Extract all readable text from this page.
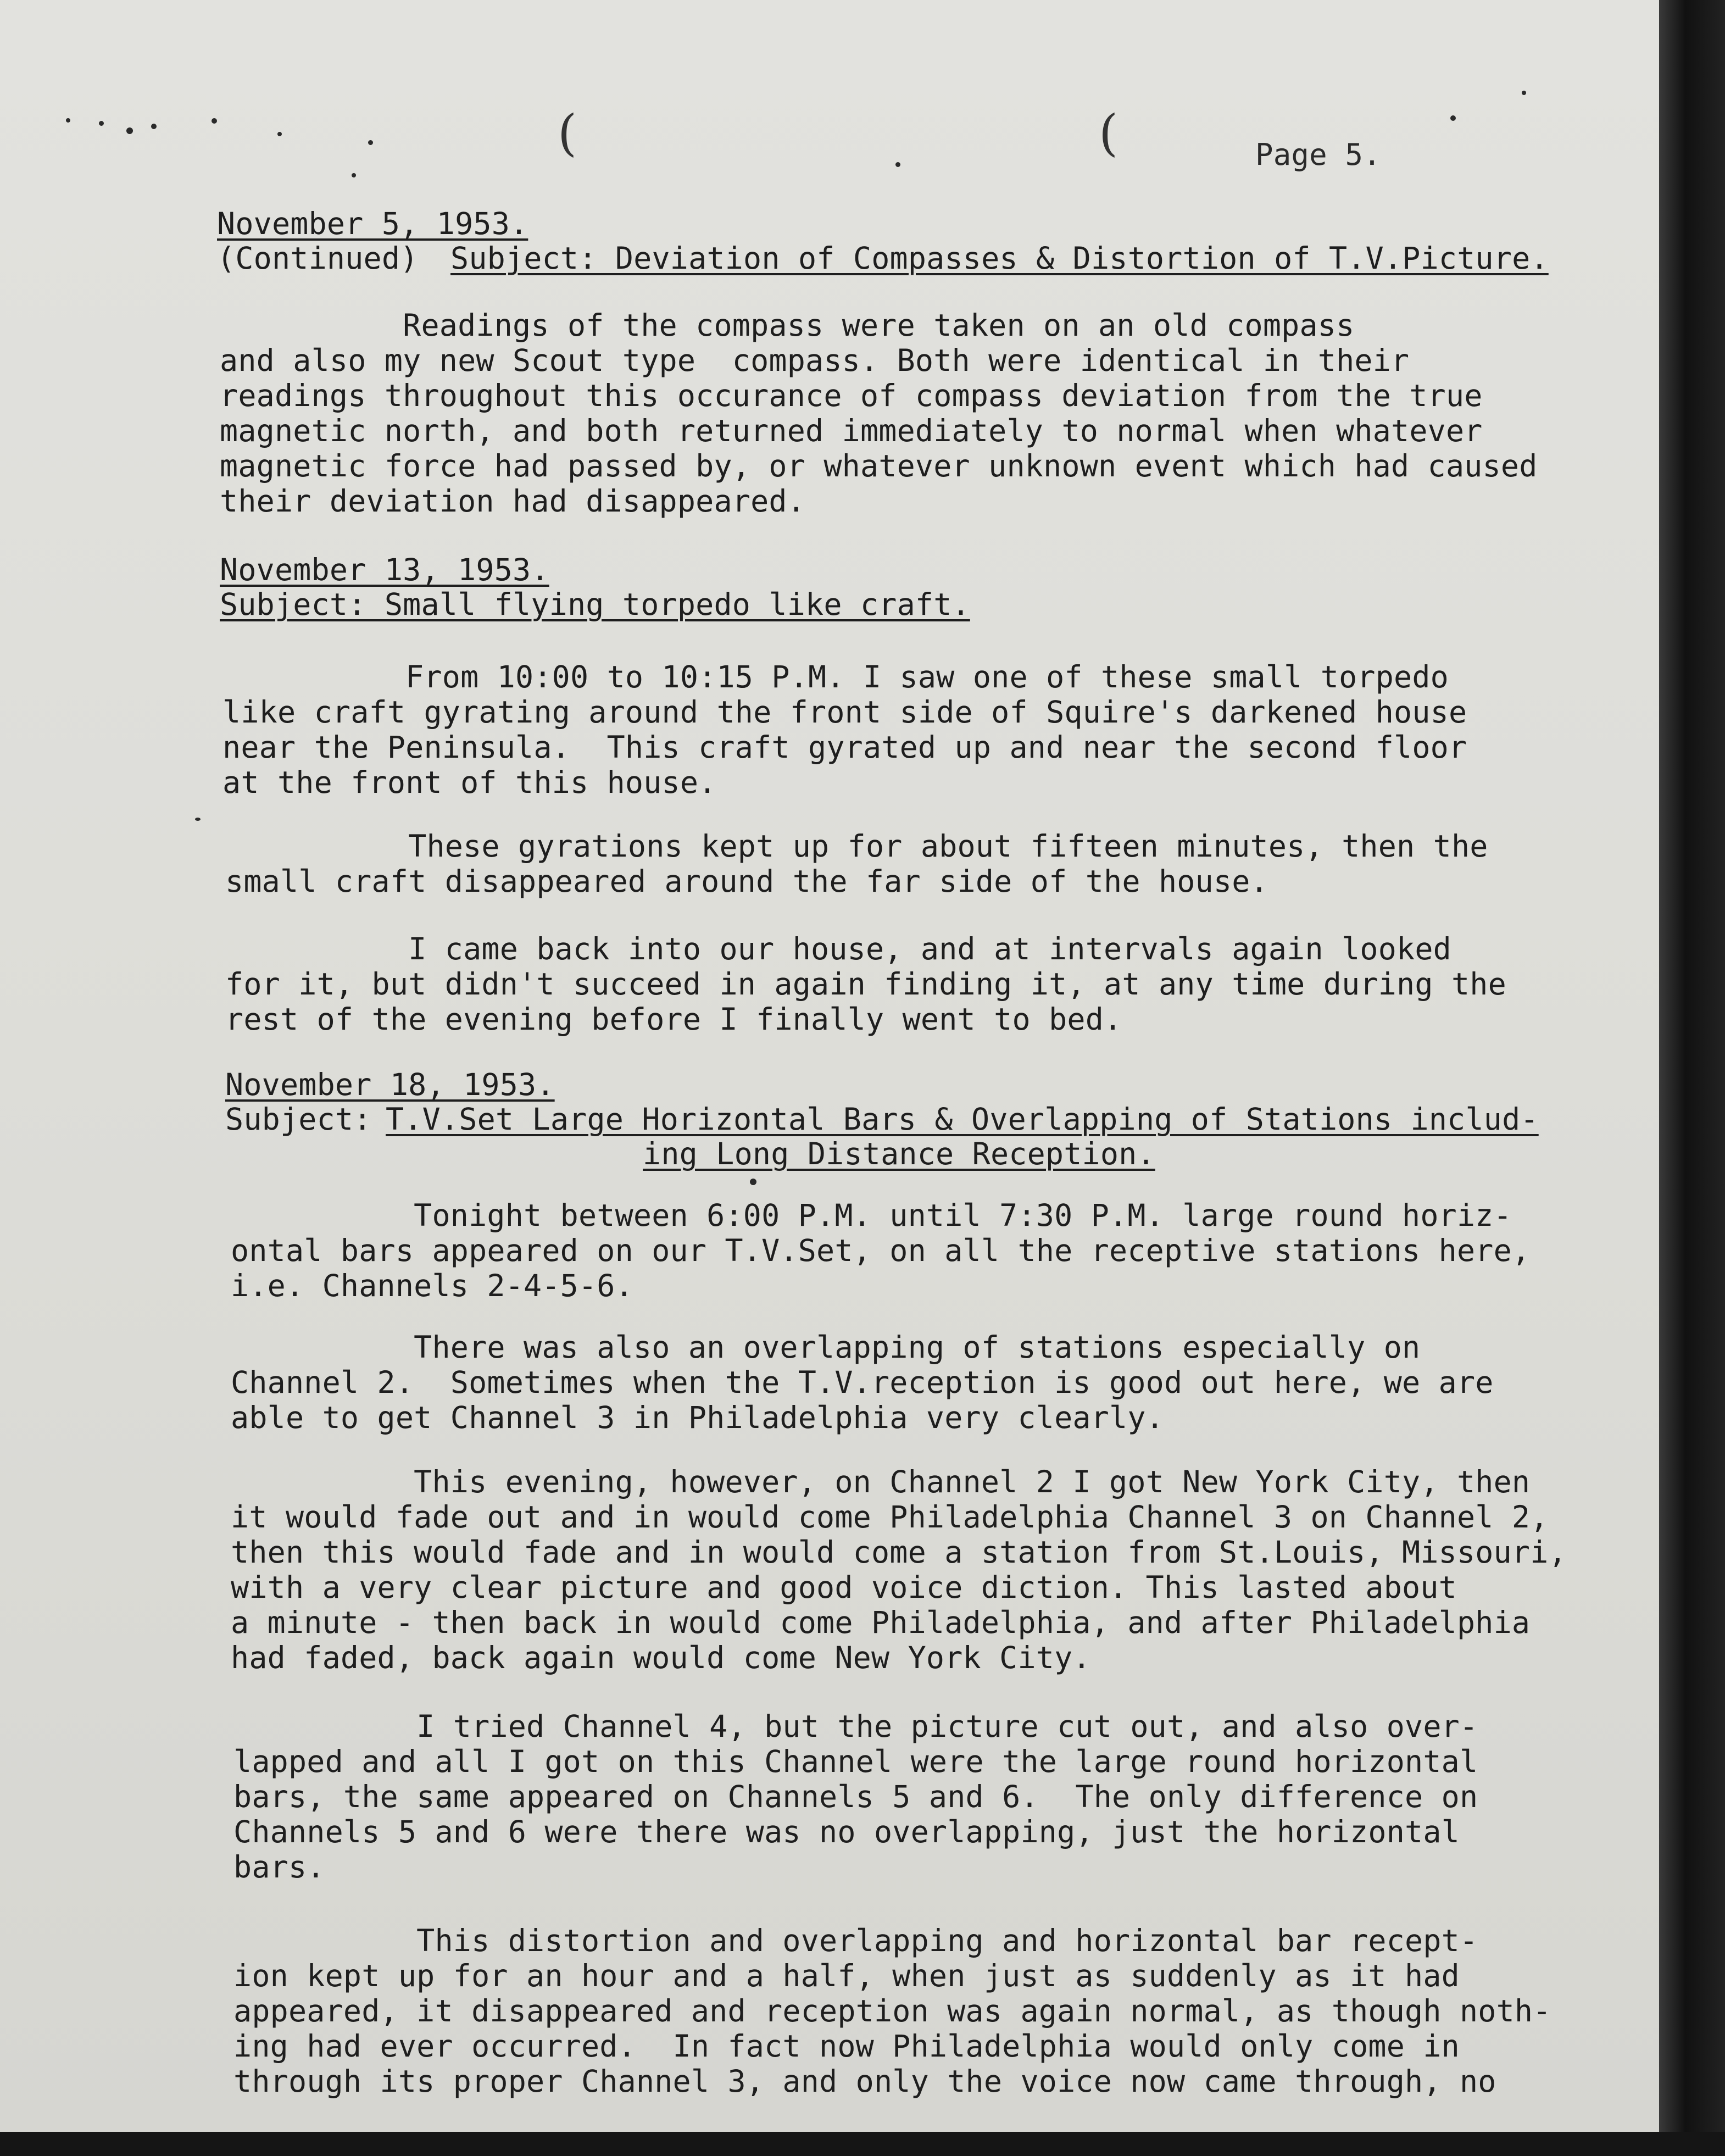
(	(	Page 5.
November 5, 1953.
(Continued) Subject: Deviation of Compasses & Distortion of T.V.Picture.
Readings of the compass were taken on an old compass
and also my new Scout type  compass. Both were identical in their
readings throughout this occurance of compass deviation from the true
magnetic north, and both returned immediately to normal when whatever
magnetic force had passed by, or whatever unknown event which had caused
their deviation had disappeared.
November 13, 1953.
Subject: Small flying torpedo like craft.
From 10:00 to 10:15 P.M. I saw one of these small torpedo
like craft gyrating around the front side of Squire's darkened house
near the Peninsula.  This craft gyrated up and near the second floor
at the front of this house.
These gyrations kept up for about fifteen minutes, then the
small craft disappeared around the far side of the house.
I came back into our house, and at intervals again looked
for it, but didn't succeed in again finding it, at any time during the
rest of the evening before I finally went to bed.
November 18, 1953.
Subject: T.V.Set Large Horizontal Bars & Overlapping of Stations includ-
ing Long Distance Reception.
Tonight between 6:00 P.M. until 7:30 P.M. large round horiz-
ontal bars appeared on our T.V.Set, on all the receptive stations here,
i.e. Channels 2-4-5-6.
There was also an overlapping of stations especially on
Channel 2.  Sometimes when the T.V.reception is good out here, we are
able to get Channel 3 in Philadelphia very clearly.
This evening, however, on Channel 2 I got New York City, then
it would fade out and in would come Philadelphia Channel 3 on Channel 2,
then this would fade and in would come a station from St.Louis, Missouri,
with a very clear picture and good voice diction. This lasted about
a minute - then back in would come Philadelphia, and after Philadelphia
had faded, back again would come New York City.
I tried Channel 4, but the picture cut out, and also over-
lapped and all I got on this Channel were the large round horizontal
bars, the same appeared on Channels 5 and 6.  The only difference on
Channels 5 and 6 were there was no overlapping, just the horizontal
bars.
This distortion and overlapping and horizontal bar recept-
ion kept up for an hour and a half, when just as suddenly as it had
appeared, it disappeared and reception was again normal, as though noth-
ing had ever occurred.  In fact now Philadelphia would only come in
through its proper Channel 3, and only the voice now came through, no
